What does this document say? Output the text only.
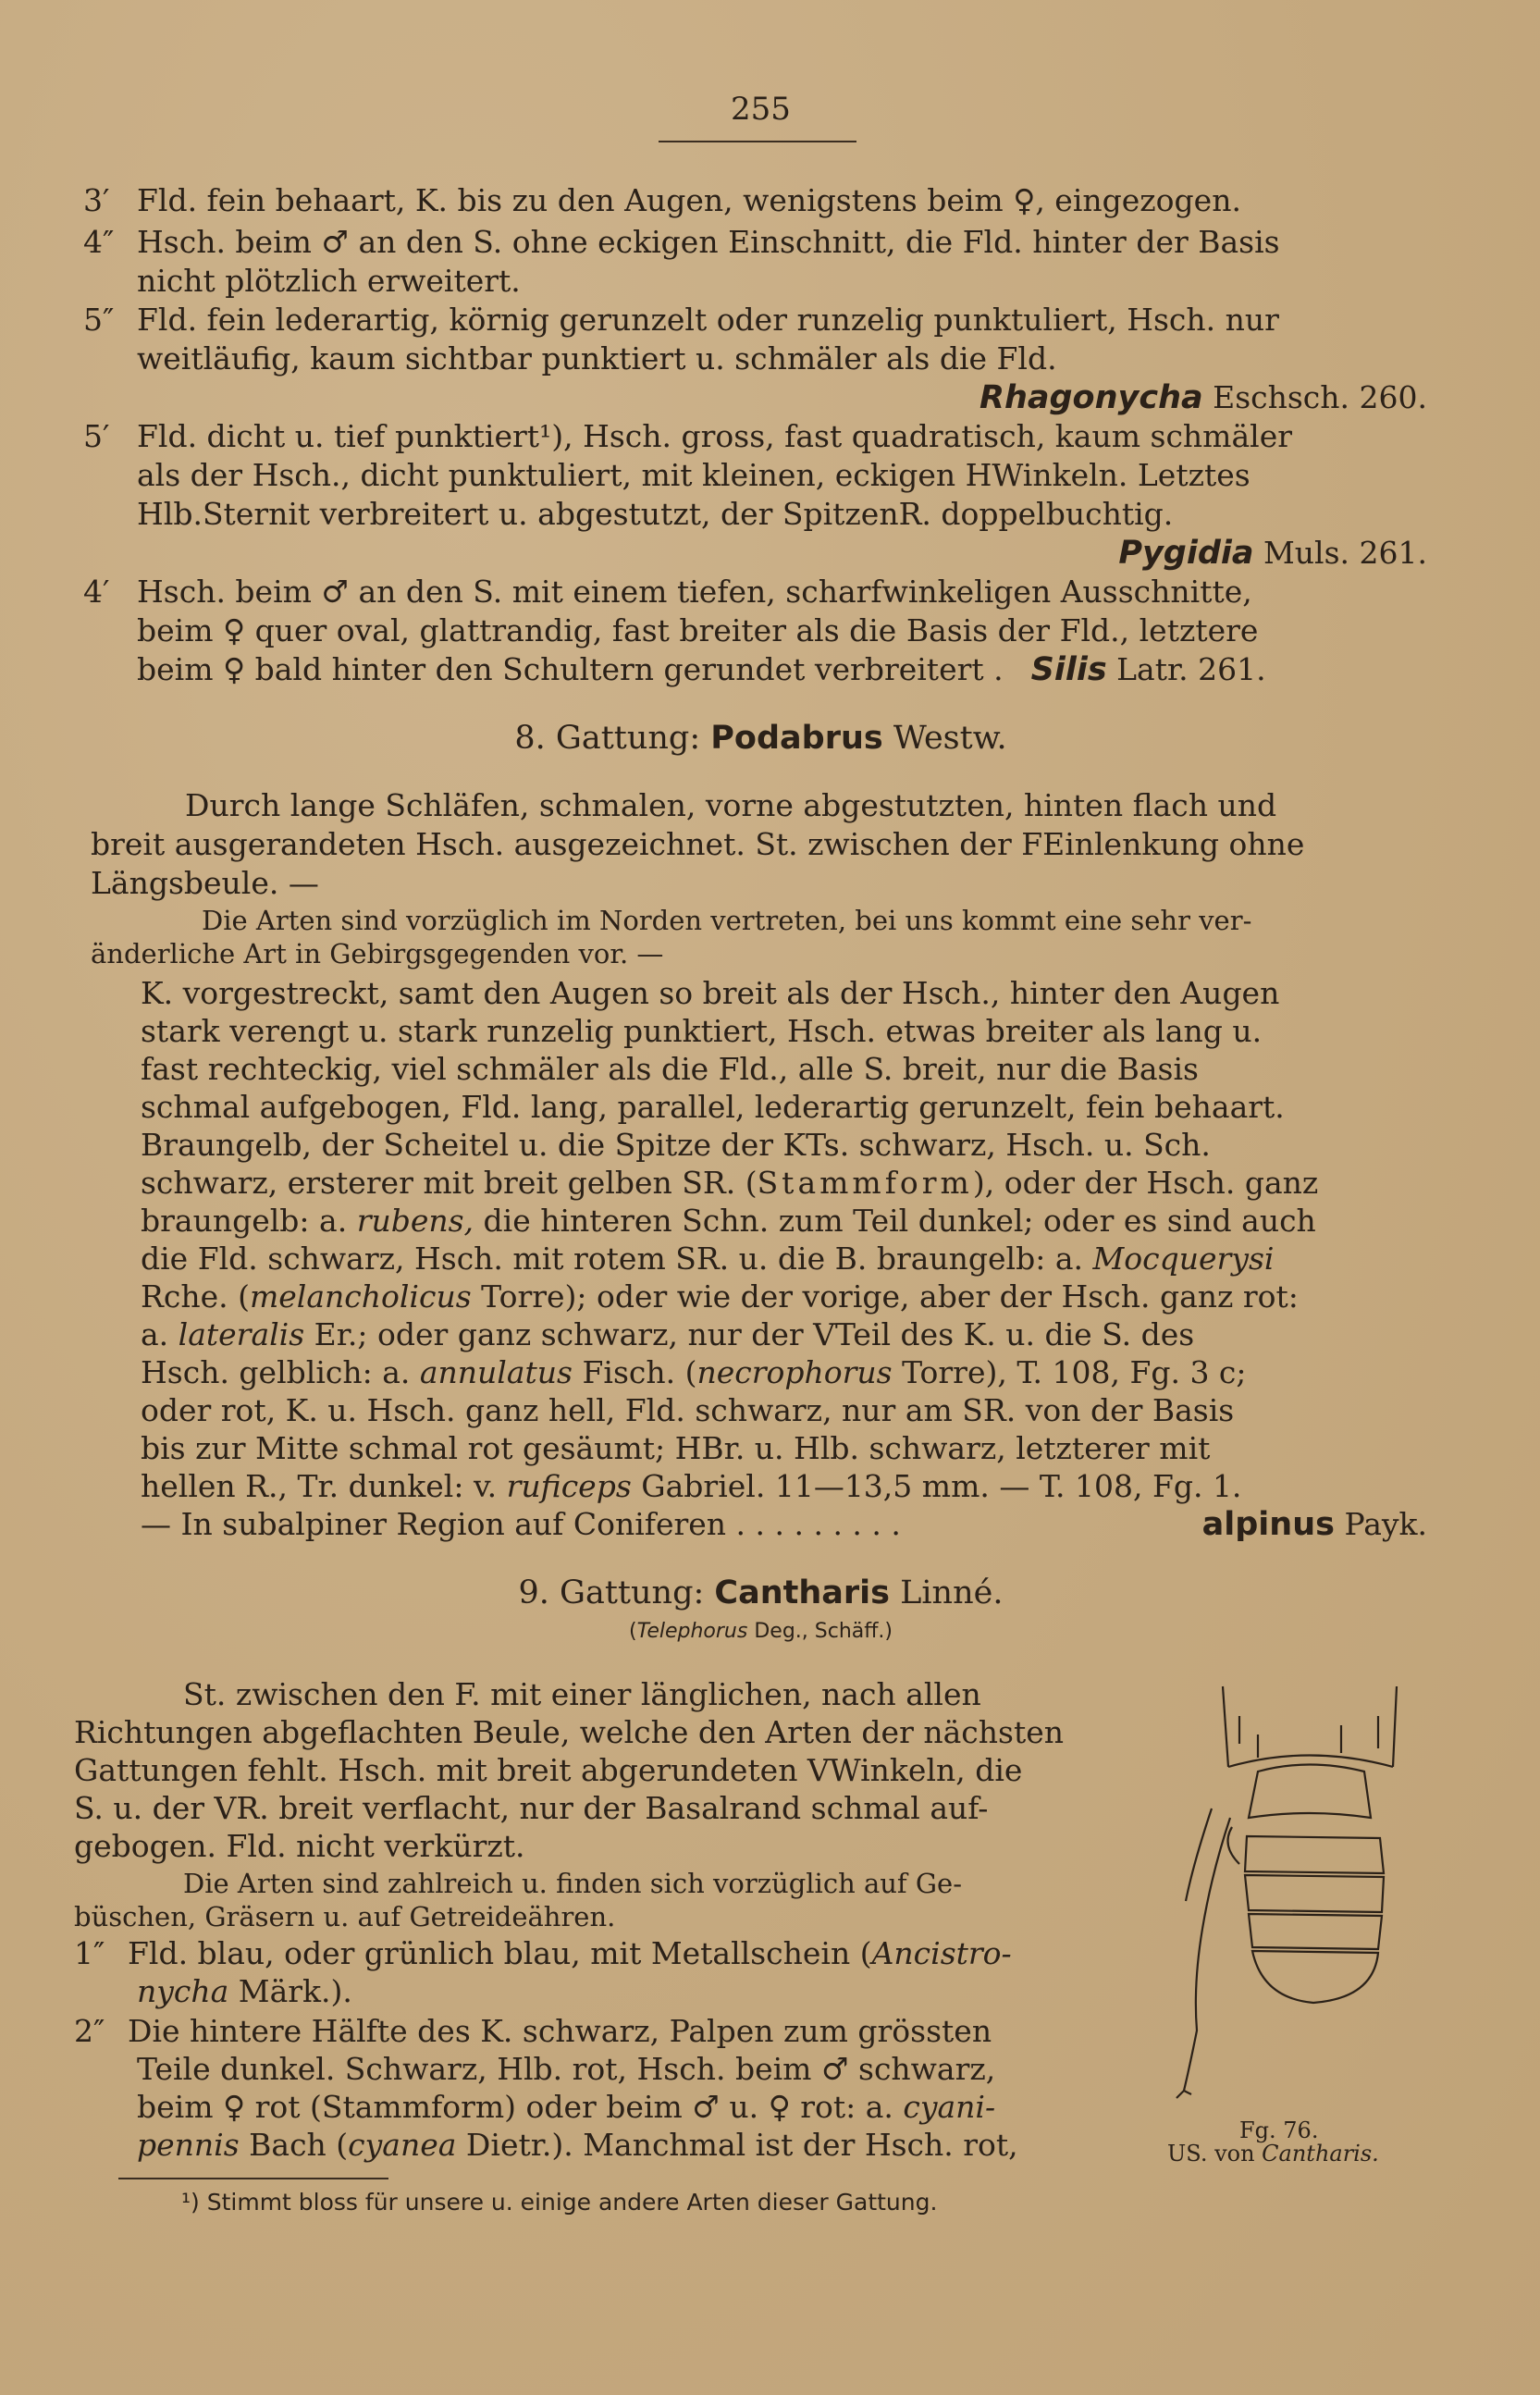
255
3′ Fld. fein behaart, K. bis zu den Augen, wenigstens beim ♀, eingezogen.
4″ Hsch. beim ♂ an den S. ohne eckigen Einschnitt, die Fld. hinter der Basis
nicht plötzlich erweitert.
5″ Fld. fein lederartig, körnig gerunzelt oder runzelig punktuliert, Hsch. nur
weitläufig, kaum sichtbar punktiert u. schmäler als die Fld.
Rhagonycha Eschsch. 260.
5′ Fld. dicht u. tief punktiert¹), Hsch. gross, fast quadratisch, kaum schmäler
als der Hsch., dicht punktuliert, mit kleinen, eckigen HWinkeln. Letztes
Hlb.Sternit verbreitert u. abgestutzt, der SpitzenR. doppelbuchtig.
Pygidia Muls. 261.
4′ Hsch. beim ♂ an den S. mit einem tiefen, scharfwinkeligen Ausschnitte,
beim ♀ quer oval, glattrandig, fast breiter als die Basis der Fld., letztere
beim ♀ bald hinter den Schultern gerundet verbreitert . Silis Latr. 261.
8. Gattung: Podabrus Westw.
Durch lange Schläfen, schmalen, vorne abgestutzten, hinten flach und
breit ausgerandeten Hsch. ausgezeichnet. St. zwischen der FEinlenkung ohne
Längsbeule. —
Die Arten sind vorzüglich im Norden vertreten, bei uns kommt eine sehr ver-
änderliche Art in Gebirgsgegenden vor. —
K. vorgestreckt, samt den Augen so breit als der Hsch., hinter den Augen
stark verengt u. stark runzelig punktiert, Hsch. etwas breiter als lang u.
fast rechteckig, viel schmäler als die Fld., alle S. breit, nur die Basis
schmal aufgebogen, Fld. lang, parallel, lederartig gerunzelt, fein behaart.
Braungelb, der Scheitel u. die Spitze der KTs. schwarz, Hsch. u. Sch.
schwarz, ersterer mit breit gelben SR. (Stammform), oder der Hsch. ganz
braungelb: a. rubens, die hinteren Schn. zum Teil dunkel; oder es sind auch
die Fld. schwarz, Hsch. mit rotem SR. u. die B. braungelb: a. Mocquerysi
Rche. (melancholicus Torre); oder wie der vorige, aber der Hsch. ganz rot:
a. lateralis Er.; oder ganz schwarz, nur der VTeil des K. u. die S. des
Hsch. gelblich: a. annulatus Fisch. (necrophorus Torre), T. 108, Fg. 3 c;
oder rot, K. u. Hsch. ganz hell, Fld. schwarz, nur am SR. von der Basis
bis zur Mitte schmal rot gesäumt; HBr. u. Hlb. schwarz, letzterer mit
hellen R., Tr. dunkel: v. ruficeps Gabriel. 11—13,5 mm. — T. 108, Fg. 1.
— In subalpiner Region auf Coniferen . . . . . . . . .	alpinus Payk.
9. Gattung: Cantharis Linné.
(Telephorus Deg., Schäff.)
St. zwischen den F. mit einer länglichen, nach allen
Richtungen abgeflachten Beule, welche den Arten der nächsten
Gattungen fehlt. Hsch. mit breit abgerundeten VWinkeln, die
S. u. der VR. breit verflacht, nur der Basalrand schmal auf-
gebogen. Fld. nicht verkürzt.
Die Arten sind zahlreich u. finden sich vorzüglich auf Ge-
büschen, Gräsern u. auf Getreideähren.
1″ Fld. blau, oder grünlich blau, mit Metallschein (Ancistro-
nycha Märk.).
2″ Die hintere Hälfte des K. schwarz, Palpen zum grössten
Teile dunkel. Schwarz, Hlb. rot, Hsch. beim ♂ schwarz,
beim ♀ rot (Stammform) oder beim ♂ u. ♀ rot: a. cyani-
pennis Bach (cyanea Dietr.). Manchmal ist der Hsch. rot,	Fg. 76.
US. von Cantharis.
¹) Stimmt bloss für unsere u. einige andere Arten dieser Gattung.
